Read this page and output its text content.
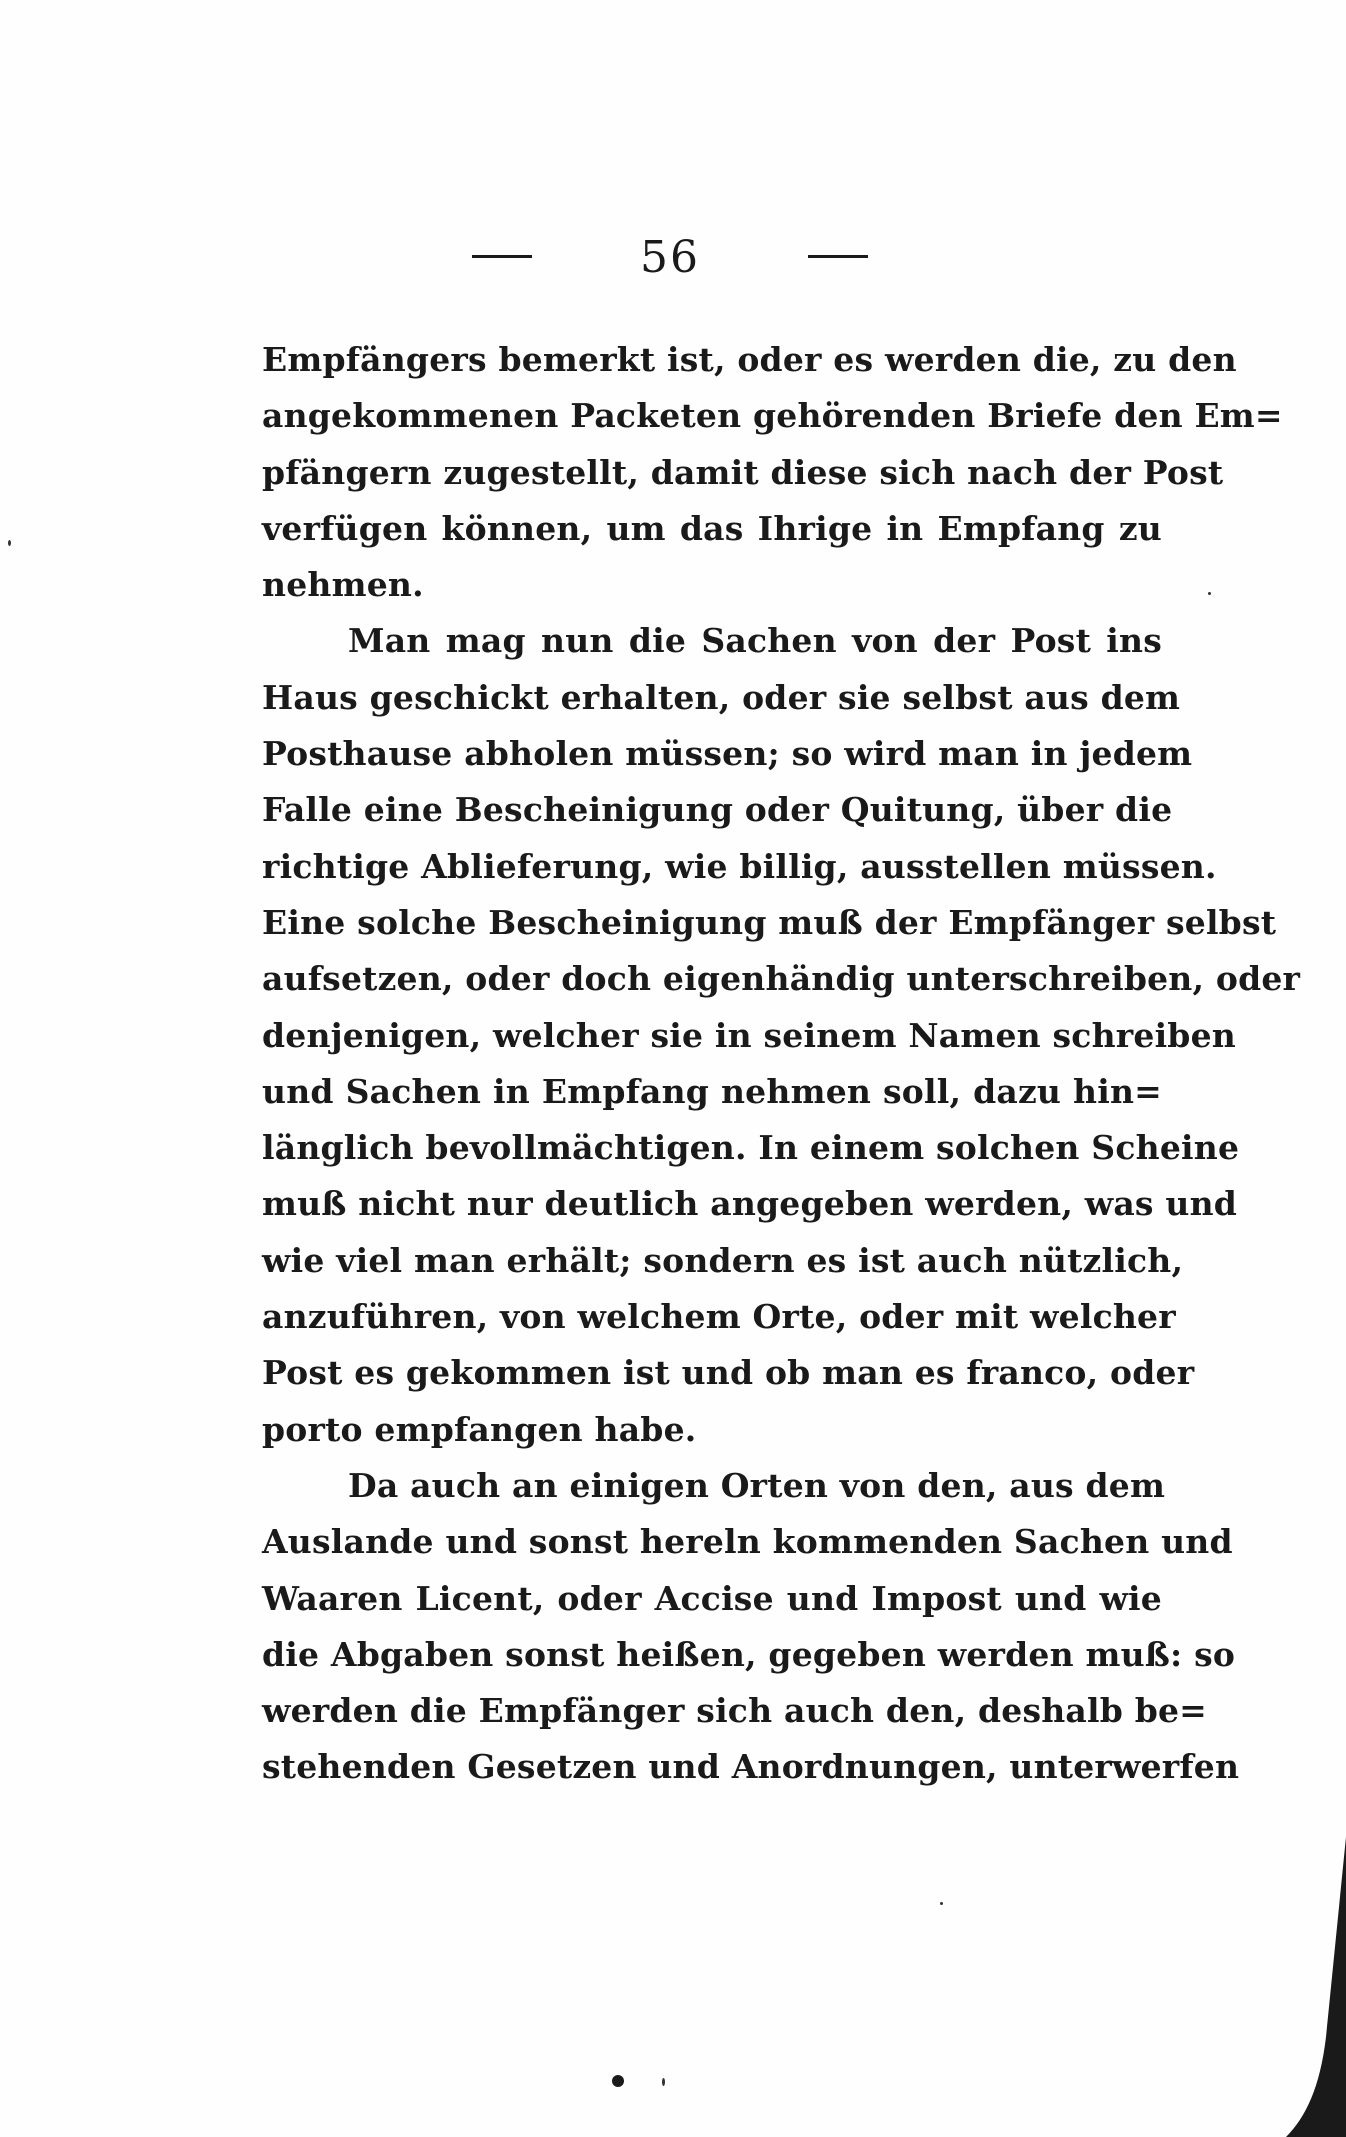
56
Empfängers bemerkt ist, oder es werden die, zu den
angekommenen Packeten gehörenden Briefe den Em=
pfängern zugestellt, damit diese sich nach der Post
verfügen können, um das Ihrige in Empfang zu
nehmen.
Man mag nun die Sachen von der Post ins
Haus geschickt erhalten, oder sie selbst aus dem
Posthause abholen müssen; so wird man in jedem
Falle eine Bescheinigung oder Quitung, über die
richtige Ablieferung, wie billig, ausstellen müssen.
Eine solche Bescheinigung muß der Empfänger selbst
aufsetzen, oder doch eigenhändig unterschreiben, oder
denjenigen, welcher sie in seinem Namen schreiben
und Sachen in Empfang nehmen soll, dazu hin=
länglich bevollmächtigen. In einem solchen Scheine
muß nicht nur deutlich angegeben werden, was und
wie viel man erhält; sondern es ist auch nützlich,
anzuführen, von welchem Orte, oder mit welcher
Post es gekommen ist und ob man es franco, oder
porto empfangen habe.
Da auch an einigen Orten von den, aus dem
Auslande und sonst hereln kommenden Sachen und
Waaren Licent, oder Accise und Impost und wie
die Abgaben sonst heißen, gegeben werden muß: so
werden die Empfänger sich auch den, deshalb be=
stehenden Gesetzen und Anordnungen, unterwerfen
